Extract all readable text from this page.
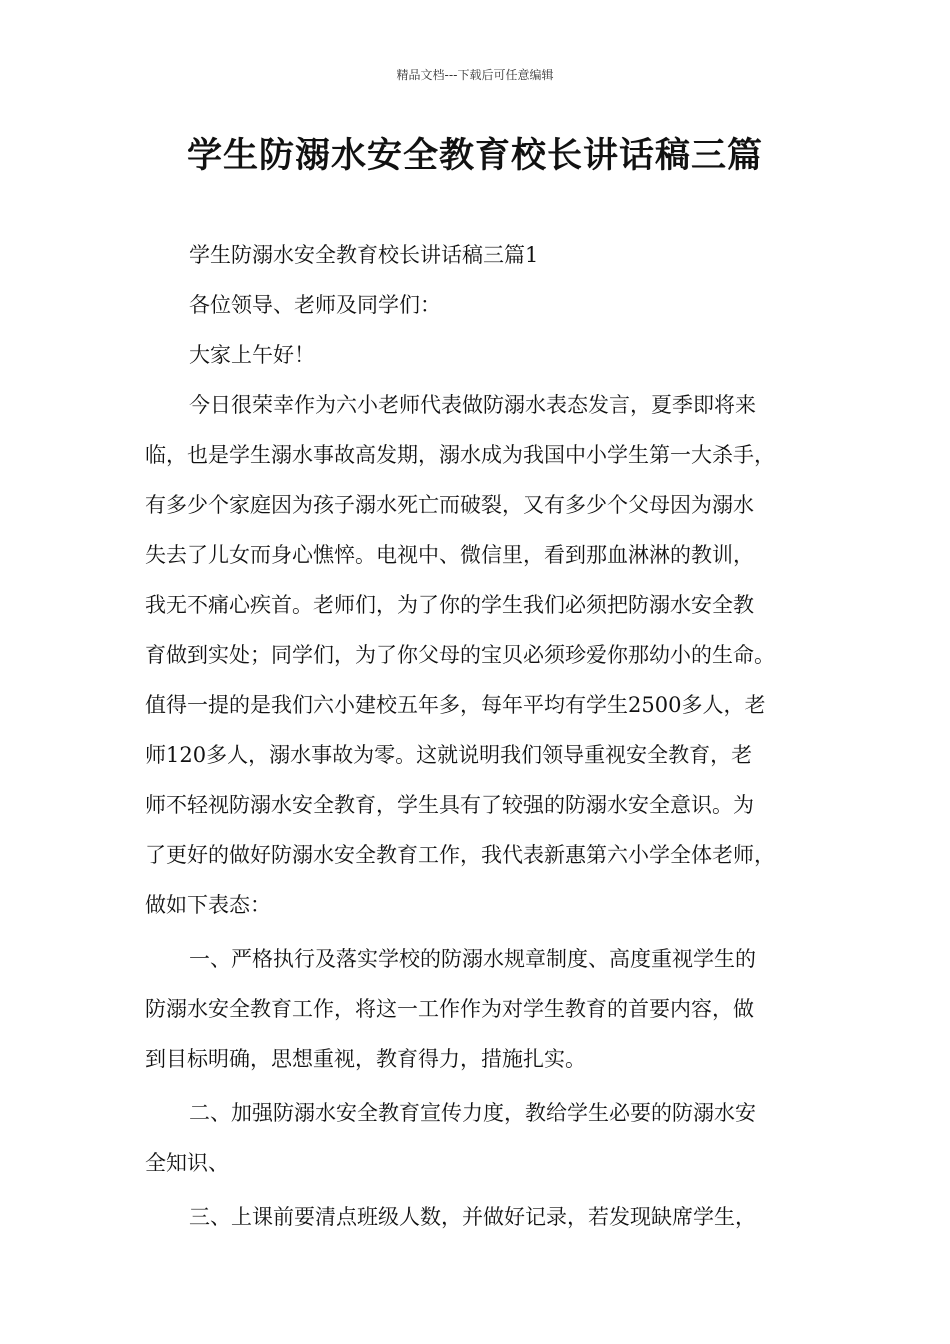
精品文档---下载后可任意编辑
学生防溺水安全教育校长讲话稿三篇
学生防溺水安全教育校长讲话稿三篇1
各位领导、老师及同学们：
大家上午好！
今日很荣幸作为六小老师代表做防溺水表态发言，夏季即将来
临，也是学生溺水事故高发期，溺水成为我国中小学生第一大杀手，
有多少个家庭因为孩子溺水死亡而破裂，又有多少个父母因为溺水
失去了儿女而身心憔悴。电视中、微信里，看到那血淋淋的教训，
我无不痛心疾首。老师们，为了你的学生我们必须把防溺水安全教
育做到实处；同学们，为了你父母的宝贝必须珍爱你那幼小的生命。
值得一提的是我们六小建校五年多，每年平均有学生2500多人，老
师120多人，溺水事故为零。这就说明我们领导重视安全教育，老
师不轻视防溺水安全教育，学生具有了较强的防溺水安全意识。为
了更好的做好防溺水安全教育工作，我代表新惠第六小学全体老师，
做如下表态：
一、严格执行及落实学校的防溺水规章制度、高度重视学生的
防溺水安全教育工作，将这一工作作为对学生教育的首要内容，做
到目标明确，思想重视，教育得力，措施扎实。
二、加强防溺水安全教育宣传力度，教给学生必要的防溺水安
全知识、
三、上课前要清点班级人数，并做好记录，若发现缺席学生，
